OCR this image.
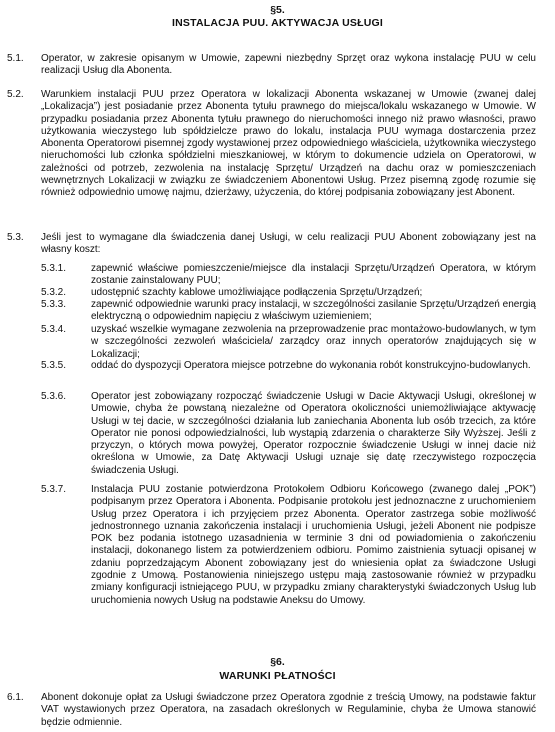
§5.
INSTALACJA PUU. AKTYWACJA USŁUGI
5.1. Operator, w zakresie opisanym w Umowie, zapewni niezbędny Sprzęt oraz wykona instalację PUU w celu realizacji Usług dla Abonenta.

5.2. Warunkiem instalacji PUU przez Operatora w lokalizacji Abonenta wskazanej w Umowie (zwanej dalej „Lokalizacja”) jest posiadanie przez Abonenta tytułu prawnego do miejsca/lokalu wskazanego w Umowie. W przypadku posiadania przez Abonenta tytułu prawnego do nieruchomości innego niż prawo własności, prawo użytkowania wieczystego lub spółdzielcze prawo do lokalu, instalacja PUU wymaga dostarczenia przez Abonenta Operatorowi pisemnej zgody wystawionej przez odpowiedniego właściciela, użytkownika wieczystego nieruchomości lub członka spółdzielni mieszkaniowej, w którym to dokumencie udziela on Operatorowi, w zależności od potrzeb, zezwolenia na instalację Sprzętu/ Urządzeń na dachu oraz w pomieszczeniach wewnętrznych Lokalizacji w związku ze świadczeniem Abonentowi Usług. Przez pisemną zgodę rozumie się również odpowiednio umowę najmu, dzierżawy, użyczenia, do której podpisania zobowiązany jest Abonent.

5.3. Jeśli jest to wymagane dla świadczenia danej Usługi, w celu realizacji PUU Abonent zobowiązany jest na własny koszt:

5.3.1. zapewnić właściwe pomieszczenie/miejsce dla instalacji Sprzętu/Urządzeń Operatora, w którym zostanie zainstalowany PUU;

5.3.2. udostępnić szachty kablowe umożliwiające podłączenia Sprzętu/Urządzeń;

5.3.3. zapewnić odpowiednie warunki pracy instalacji, w szczególności zasilanie Sprzętu/Urządzeń energią elektryczną o odpowiednim napięciu z właściwym uziemieniem;

5.3.4. uzyskać wszelkie wymagane zezwolenia na przeprowadzenie prac montażowo-budowlanych, w tym w szczególności zezwoleń właściciela/ zarządcy oraz innych operatorów znajdujących się w Lokalizacji;

5.3.5. oddać do dyspozycji Operatora miejsce potrzebne do wykonania robót konstrukcyjno-budowlanych.

5.3.6. Operator jest zobowiązany rozpocząć świadczenie Usługi w Dacie Aktywacji Usługi, określonej w Umowie, chyba że powstaną niezależne od Operatora okoliczności uniemożliwiające aktywację Usługi w tej dacie, w szczególności działania lub zaniechania Abonenta lub osób trzecich, za które Operator nie ponosi odpowiedzialności, lub wystąpią zdarzenia o charakterze Siły Wyższej. Jeśli z przyczyn, o których mowa powyżej, Operator rozpocznie świadczenie Usługi w innej dacie niż określona w Umowie, za Datę Aktywacji Usługi uznaje się datę rzeczywistego rozpoczęcia świadczenia Usługi.

5.3.7. Instalacja PUU zostanie potwierdzona Protokołem Odbioru Końcowego (zwanego dalej „POK”) podpisanym przez Operatora i Abonenta. Podpisanie protokołu jest jednoznaczne z uruchomieniem Usług przez Operatora i ich przyjęciem przez Abonenta. Operator zastrzega sobie możliwość jednostronnego uznania zakończenia instalacji i uruchomienia Usługi, jeżeli Abonent nie podpisze POK bez podania istotnego uzasadnienia w terminie 3 dni od powiadomienia o zakończeniu instalacji, dokonanego listem za potwierdzeniem odbioru. Pomimo zaistnienia sytuacji opisanej w zdaniu poprzedzającym Abonent zobowiązany jest do wniesienia opłat za świadczone Usługi zgodnie z Umową. Postanowienia niniejszego ustępu mają zastosowanie również w przypadku zmiany konfiguracji istniejącego PUU, w przypadku zmiany charakterystyki świadczonych Usług lub uruchomienia nowych Usług na podstawie Aneksu do Umowy.

§6.
WARUNKI PŁATNOŚCI
6.1. Abonent dokonuje opłat za Usługi świadczone przez Operatora zgodnie z treścią Umowy, na podstawie faktur VAT wystawionych przez Operatora, na zasadach określonych w Regulaminie, chyba że Umowa stanowić będzie odmiennie.
